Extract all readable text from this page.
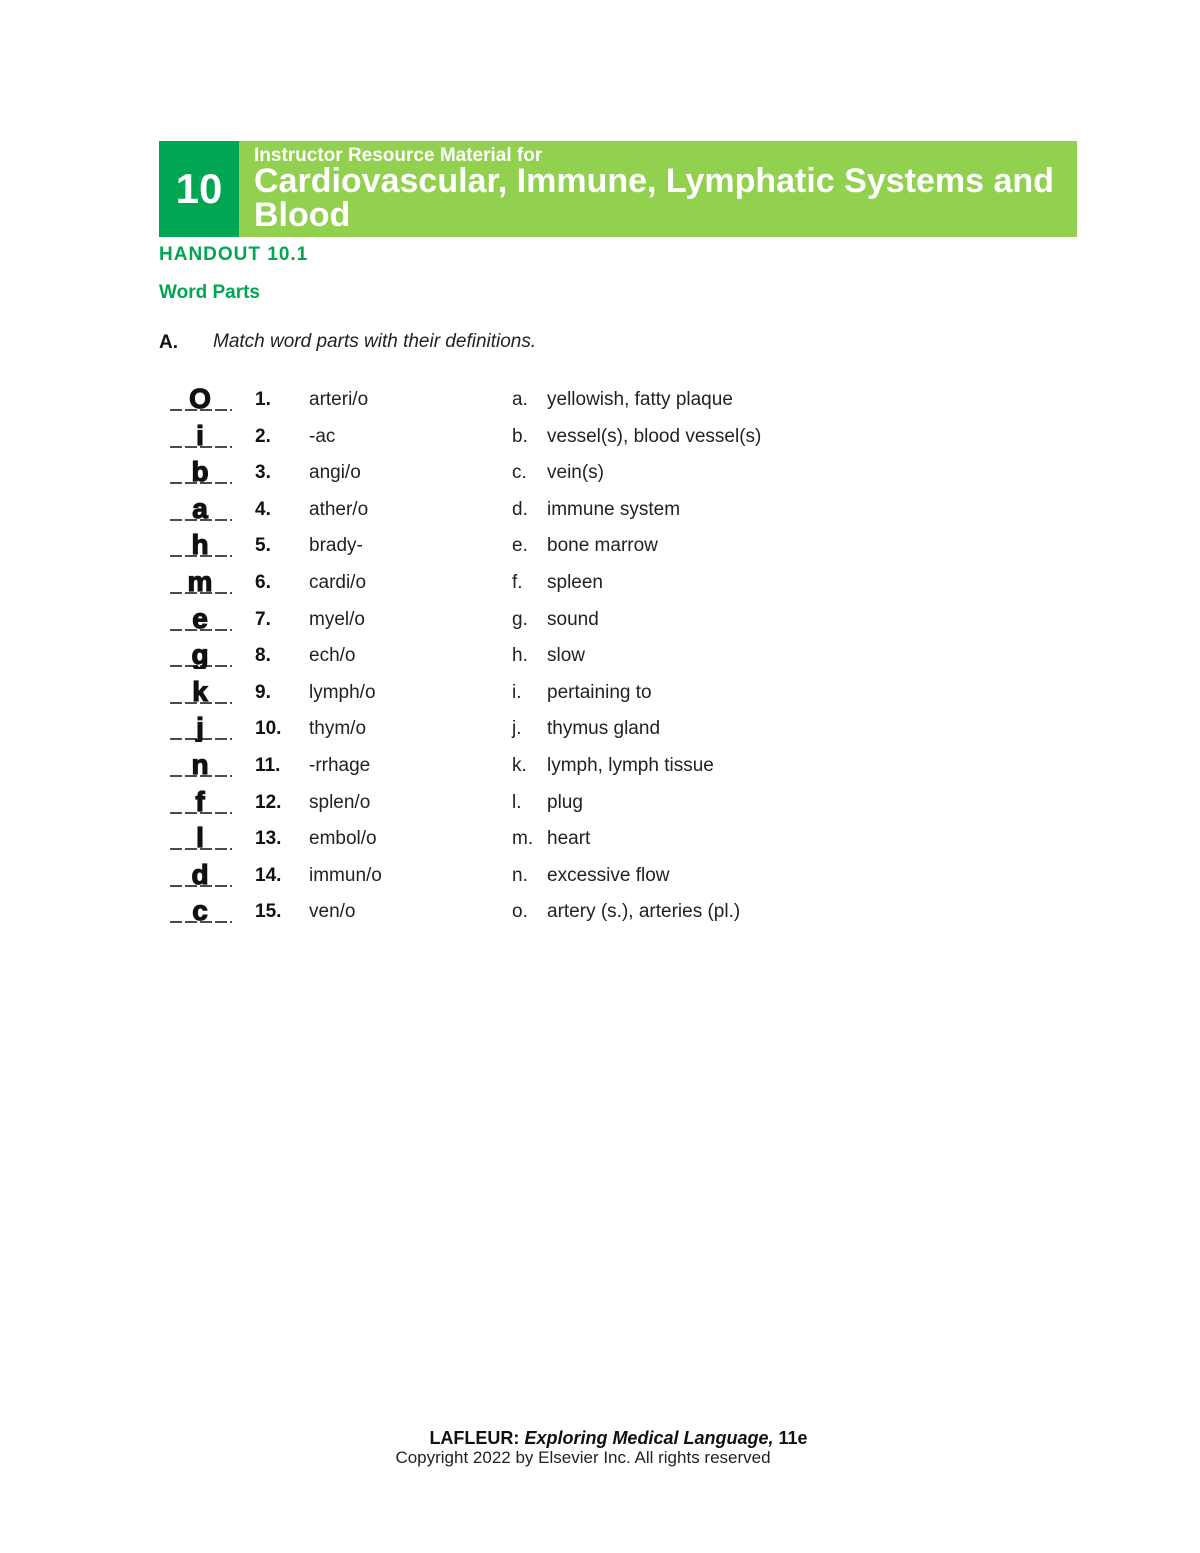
10
Instructor Resource Material for
Cardiovascular, Immune, Lymphatic Systems and Blood
HANDOUT 10.1
Word Parts
A. Match word parts with their definitions.
O 1. arteri/o	a. yellowish, fatty plaque
i	2. -ac	b. vessel(s), blood vessel(s)
b 3. angi/o	c. vein(s)
a 4. ather/o	d. immune system
h 5. brady-	e. bone marrow
m 6. cardi/o	f. spleen
e 7. myel/o	g. sound
g 8. ech/o	h. slow
k 9. lymph/o	i. pertaining to
j	10. thym/o	j. thymus gland
n 11. -rrhage	k. lymph, lymph tissue
f	12. splen/o	l. plug
l	13. embol/o	m. heart
d 14. immun/o	n. excessive flow
c 15. ven/o	o. artery (s.), arteries (pl.)
LAFLEUR: Exploring Medical Language, 11e
Copyright 2022 by Elsevier Inc. All rights reserved
